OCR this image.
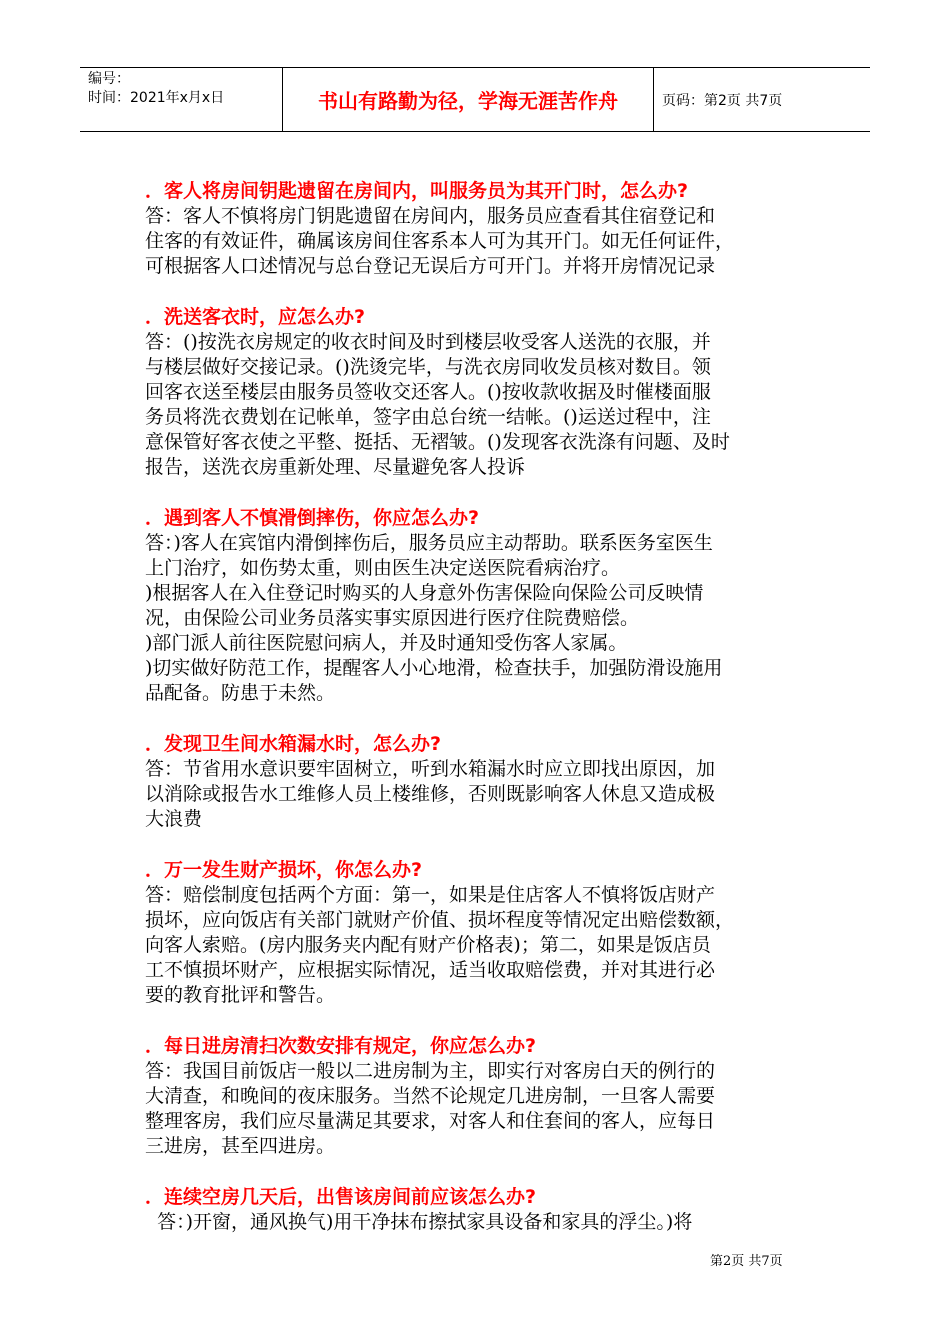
编号：
时间：2021年x月x日	书山有路勤为径，学海无涯苦作舟	页码：第2页 共7页
．客人将房间钥匙遗留在房间内，叫服务员为其开门时，怎么办?
答：客人不慎将房门钥匙遗留在房间内，服务员应查看其住宿登记和
住客的有效证件，确属该房间住客系本人可为其开门。如无任何证件，
可根据客人口述情况与总台登记无误后方可开门。并将开房情况记录
．洗送客衣时，应怎么办?
答：()按洗衣房规定的收衣时间及时到楼层收受客人送洗的衣服，并
与楼层做好交接记录。()洗烫完毕，与洗衣房同收发员核对数目。领
回客衣送至楼层由服务员签收交还客人。()按收款收据及时催楼面服
务员将洗衣费划在记帐单，签字由总台统一结帐。()运送过程中，注
意保管好客衣使之平整、挺括、无褶皱。()发现客衣洗涤有问题、及时
报告，送洗衣房重新处理、尽量避免客人投诉
．遇到客人不慎滑倒摔伤，你应怎么办?
答：)客人在宾馆内滑倒摔伤后，服务员应主动帮助。联系医务室医生
上门治疗，如伤势太重，则由医生决定送医院看病治疗。
)根据客人在入住登记时购买的人身意外伤害保险向保险公司反映情
况，由保险公司业务员落实事实原因进行医疗住院费赔偿。
)部门派人前往医院慰问病人，并及时通知受伤客人家属。
)切实做好防范工作，提醒客人小心地滑，检查扶手，加强防滑设施用
品配备。防患于未然。
．发现卫生间水箱漏水时，怎么办?
答：节省用水意识要牢固树立，听到水箱漏水时应立即找出原因，加
以消除或报告水工维修人员上楼维修，否则既影响客人休息又造成极
大浪费
．万一发生财产损坏，你怎么办?
答：赔偿制度包括两个方面：第一，如果是住店客人不慎将饭店财产
损坏，应向饭店有关部门就财产价值、损坏程度等情况定出赔偿数额，
向客人索赔。(房内服务夹内配有财产价格表)；第二，如果是饭店员
工不慎损坏财产，应根据实际情况，适当收取赔偿费，并对其进行必
要的教育批评和警告。
．每日进房清扫次数安排有规定，你应怎么办?
答：我国目前饭店一般以二进房制为主，即实行对客房白天的例行的
大清查，和晚间的夜床服务。当然不论规定几进房制，一旦客人需要
整理客房，我们应尽量满足其要求，对客人和住套间的客人，应每日
三进房，甚至四进房。
．连续空房几天后，出售该房间前应该怎么办?
答：)开窗，通风换气)用干净抹布擦拭家具设备和家具的浮尘。)将
第2页 共7页
